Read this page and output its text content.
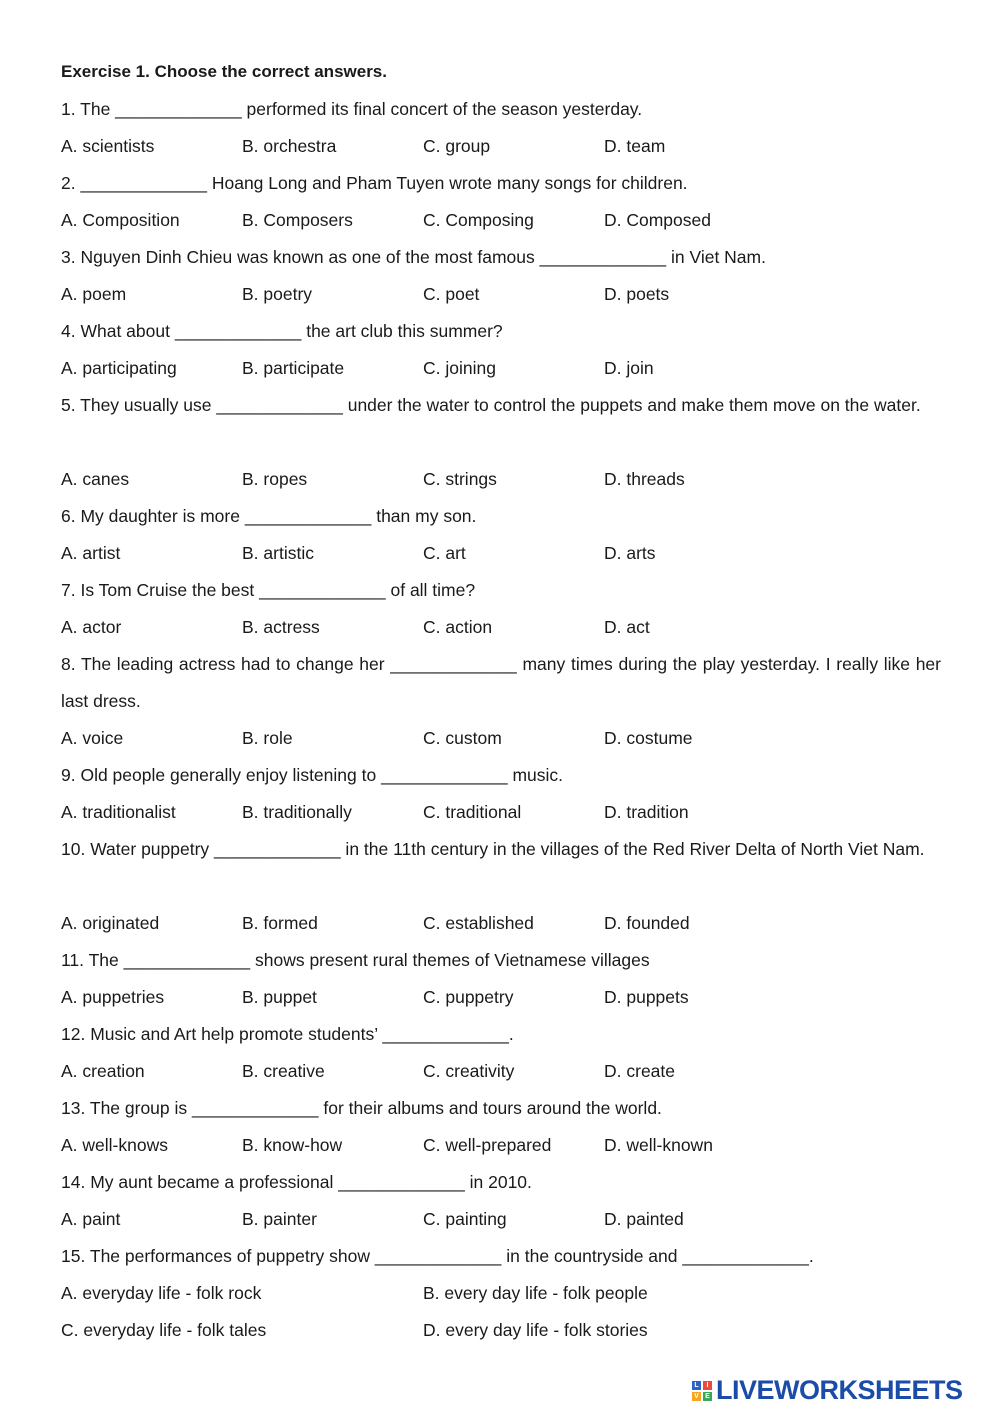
Exercise 1. Choose the correct answers.
1. The _____________ performed its final concert of the season yesterday.
A. scientists	B. orchestra	C. group	D. team
2. _____________ Hoang Long and Pham Tuyen wrote many songs for children.
A. Composition	B. Composers	C. Composing	D. Composed
3. Nguyen Dinh Chieu was known as one of the most famous _____________ in Viet Nam.
A. poem	B. poetry	C. poet	D. poets
4. What about _____________ the art club this summer?
A. participating	B. participate	C. joining	D. join
5. They usually use _____________ under the water to control the puppets and make them move on the water.
A. canes	B. ropes	C. strings	D. threads
6. My daughter is more _____________ than my son.
A. artist	B. artistic	C. art	D. arts
7. Is Tom Cruise the best _____________ of all time?
A. actor	B. actress	C. action	D. act
8. The leading actress had to change her _____________ many times during the play yesterday. I really like her last dress.
A. voice	B. role	C. custom	D. costume
9. Old people generally enjoy listening to _____________ music.
A. traditionalist	B. traditionally	C. traditional	D. tradition
10. Water puppetry _____________ in the 11th century in the villages of the Red River Delta of North Viet Nam.
A. originated	B. formed	C. established	D. founded
11. The _____________ shows present rural themes of Vietnamese villages
A. puppetries	B. puppet	C. puppetry	D. puppets
12. Music and Art help promote students’ _____________.
A. creation	B. creative	C. creativity	D. create
13. The group is _____________ for their albums and tours around the world.
A. well-knows	B. know-how	C. well-prepared	D. well-known
14. My aunt became a professional _____________ in 2010.
A. paint	B. painter	C. painting	D. painted
15. The performances of puppetry show _____________ in the countryside and _____________.
A. everyday life - folk rock	B. every day life - folk people
C. everyday life - folk tales	D. every day life - folk stories
L	I
V E LIVEWORKSHEETS
